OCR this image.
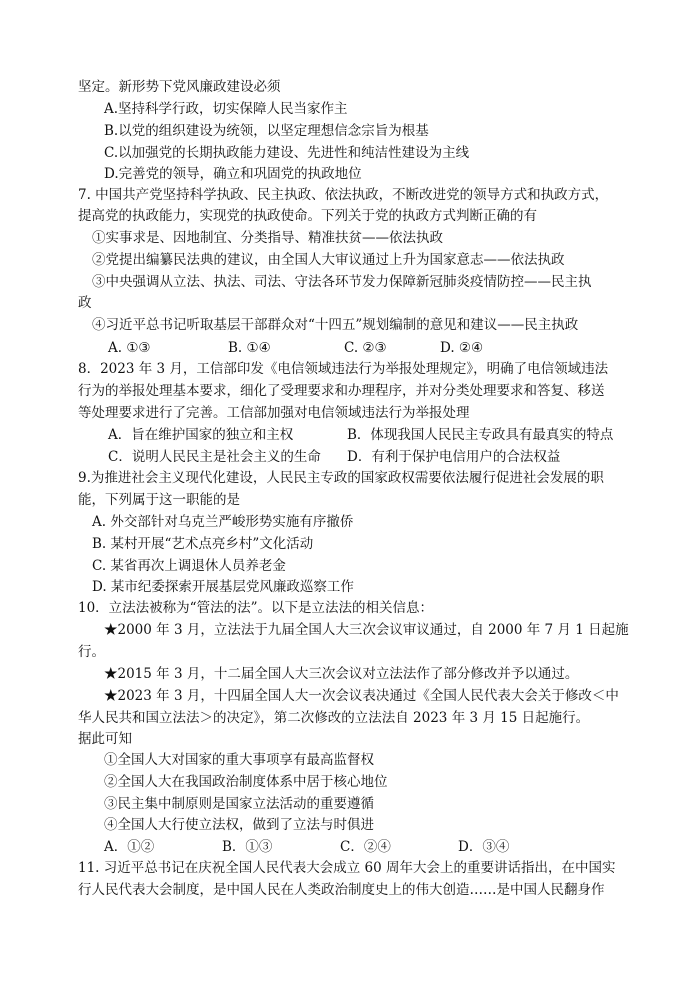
坚定。新形势下党风廉政建设必须
A.坚持科学行政，切实保障人民当家作主
B.以党的组织建设为统领，以坚定理想信念宗旨为根基
C.以加强党的长期执政能力建设、先进性和纯洁性建设为主线
D.完善党的领导，确立和巩固党的执政地位
7. 中国共产党坚持科学执政、民主执政、依法执政，不断改进党的领导方式和执政方式，
提高党的执政能力，实现党的执政使命。下列关于党的执政方式判断正确的有
①实事求是、因地制宜、分类指导、精准扶贫——依法执政
②党提出编纂民法典的建议，由全国人大审议通过上升为国家意志——依法执政
③中央强调从立法、执法、司法、守法各环节发力保障新冠肺炎疫情防控——民主执
政
④习近平总书记听取基层干部群众对“十四五”规划编制的意见和建议——民主执政
A. ①③	B. ①④	C. ②③	D. ②④
8．2023 年 3 月，工信部印发《电信领域违法行为举报处理规定》，明确了电信领域违法
行为的举报处理基本要求，细化了受理要求和办理程序，并对分类处理要求和答复、移送
等处理要求进行了完善。工信部加强对电信领域违法行为举报处理
A．旨在维护国家的独立和主权	B．体现我国人民民主专政具有最真实的特点
C．说明人民民主是社会主义的生命 D．有利于保护电信用户的合法权益
9.为推进社会主义现代化建设，人民民主专政的国家政权需要依法履行促进社会发展的职
能，下列属于这一职能的是
A. 外交部针对乌克兰严峻形势实施有序撤侨
B. 某村开展“艺术点亮乡村”文化活动
C. 某省再次上调退休人员养老金
D. 某市纪委探索开展基层党风廉政巡察工作
10．立法法被称为“管法的法”。以下是立法法的相关信息：
★2000 年 3 月，立法法于九届全国人大三次会议审议通过，自 2000 年 7 月 1 日起施
行。
★2015 年 3 月，十二届全国人大三次会议对立法法作了部分修改并予以通过。
★2023 年 3 月，十四届全国人大一次会议表决通过《全国人民代表大会关于修改＜中
华人民共和国立法法＞的决定》，第二次修改的立法法自 2023 年 3 月 15 日起施行。
据此可知
①全国人大对国家的重大事项享有最高监督权
②全国人大在我国政治制度体系中居于核心地位
③民主集中制原则是国家立法活动的重要遵循
④全国人大行使立法权，做到了立法与时俱进
A．①②	B．①③	C．②④	D．③④
11. 习近平总书记在庆祝全国人民代表大会成立 60 周年大会上的重要讲话指出，在中国实
行人民代表大会制度，是中国人民在人类政治制度史上的伟大创造……是中国人民翻身作
